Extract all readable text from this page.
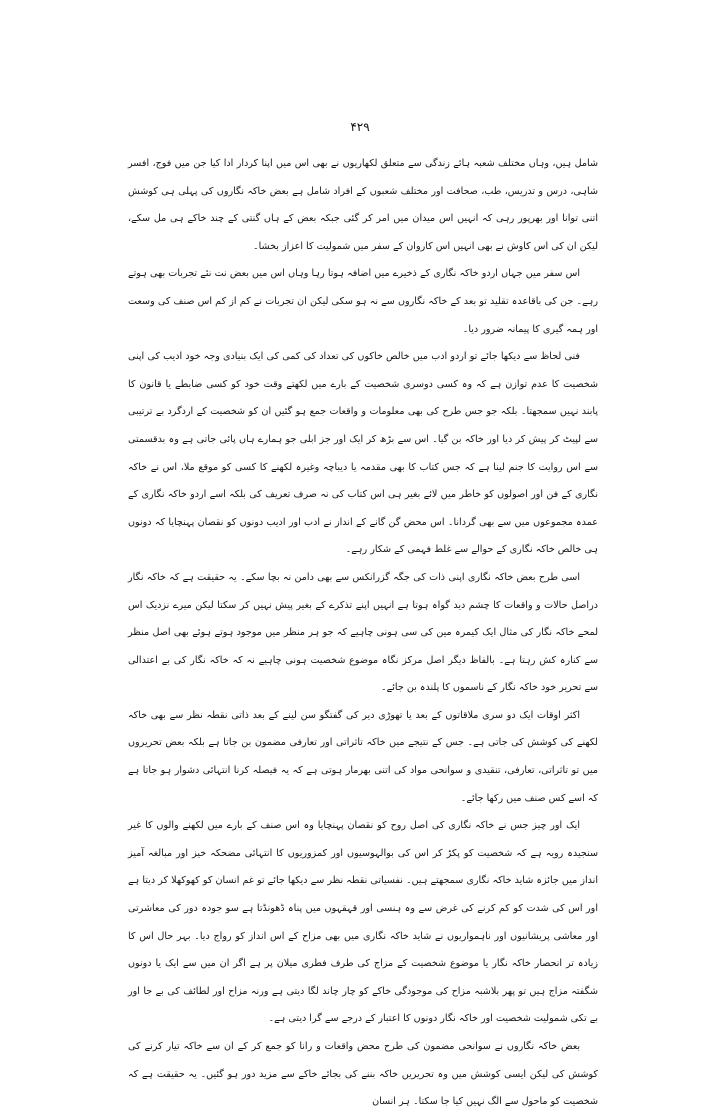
۴۲۹

شامل ہیں، وہاں مختلف شعبہ ہائے زندگی سے متعلق لکھاریوں نے بھی اس میں اپنا کردار ادا کیا جن میں فوج، افسر شاہی، درس و تدریس، طب، صحافت اور مختلف شعبوں کے افراد شامل ہے بعض خاکہ نگاروں کی پہلی ہی کوشش اتنی توانا اور بھرپور رہی کہ انہیں اس میدان میں امر کر گئی جبکہ بعض کے ہاں گنتی کے چند خاکے ہی مل سکے، لیکن ان کی اس کاوش نے بھی انہیں اس کاروان کے سفر میں شمولیت کا اعزاز بخشا۔

اس سفر میں جہاں اردو خاکہ نگاری کے ذخیرے میں اضافہ ہوتا رہا وہاں اس میں بعض نت نئے تجربات بھی ہوتے رہے۔ جن کی باقاعدہ تقلید تو بعد کے خاکہ نگاروں سے نہ ہو سکی لیکن ان تجربات نے کم از کم اس صنف کی وسعت اور ہمہ گیری کا پیمانہ ضرور دیا۔

فنی لحاظ سے دیکھا جائے تو اردو ادب میں خالص خاکوں کی تعداد کی کمی کی ایک بنیادی وجہ خود ادیب کی اپنی شخصیت کا عدم توازن ہے کہ وہ کسی دوسری شخصیت کے بارے میں لکھتے وقت خود کو کسی ضابطے یا قانون کا پابند نہیں سمجھتا۔ بلکہ جو جس طرح کی بھی معلومات و واقعات جمع ہو گئیں ان کو شخصیت کے اردگرد بے ترتیبی سے لپیٹ کر پیش کر دیا اور خاکہ بن گیا۔ اس سے بڑھ کر ایک اور جز ابلی جو ہمارے ہاں پائی جاتی ہے وہ بدقسمتی سے اس روایت کا جنم لینا ہے کہ جس کتاب کا بھی مقدمہ یا دیباچہ وغیرہ لکھنے کا کسی کو موقع ملا، اس نے خاکہ نگاری کے فن اور اصولوں کو خاطر میں لائے بغیر ہی اس کتاب کی نہ صرف تعریف کی بلکہ اسے اردو خاکہ نگاری کے عمدہ مجموعوں میں سے بھی گردانا۔ اس محض گن گانے کے انداز نے ادب اور ادیب دونوں کو نقصان پہنچایا کہ دونوں ہی خالص خاکہ نگاری کے حوالے سے غلط فہمی کے شکار رہے۔

اسی طرح بعض خاکہ نگاری اپنی ذات کی جگہ گزرانکس سے بھی دامن نہ بچا سکے۔ یہ حقیقت ہے کہ خاکہ نگار دراصل حالات و واقعات کا چشم دید گواہ ہوتا ہے انہیں اپنے تذکرے کے بغیر پیش نہیں کر سکتا لیکن میرے نزدیک اس لمحے خاکہ نگار کی مثال ایک کیمرہ مین کی سی ہونی چاہیے کہ جو ہر منظر میں موجود ہوتے ہوئے بھی اصل منظر سے کنارہ کش رہتا ہے۔ بالفاظ دیگر اصل مرکز نگاہ موضوع شخصیت ہونی چاہیے نہ کہ خاکہ نگار کی بے اعتدالی سے تحریر خود خاکہ نگار کے ناسموں کا پلندہ بن جائے۔

اکثر اوقات ایک دو سری ملاقاتوں کے بعد یا تھوڑی دیر کی گفتگو سن لینے کے بعد ذاتی نقطہ نظر سے بھی خاکہ لکھنے کی کوشش کی جاتی ہے۔ جس کے نتیجے میں خاکہ تاثراتی اور تعارفی مضمون بن جاتا ہے بلکہ بعض تحریروں میں تو تاثراتی، تعارفی، تنقیدی و سوانحی مواد کی اتنی بھرمار ہوتی ہے کہ یہ فیصلہ کرنا انتہائی دشوار ہو جاتا ہے کہ اسے کس صنف میں رکھا جائے۔

ایک اور چیز جس نے خاکہ نگاری کی اصل روح کو نقصان پہنچایا وہ اس صنف کے بارے میں لکھنے والوں کا غیر سنجیدہ رویہ ہے کہ شخصیت کو پکڑ کر اس کی بوالہوسیوں اور کمزوریوں کا انتہائی مضحکہ خیز اور مبالغہ آمیز انداز میں جائزہ شاید خاکہ نگاری سمجھتے ہیں۔ نفسیاتی نقطہ نظر سے دیکھا جائے تو غم انسان کو کھوکھلا کر دیتا ہے اور اس کی شدت کو کم کرنے کی غرض سے وہ ہنسی اور قہقہوں میں پناہ ڈھونڈتا ہے سو جودہ دور کی معاشرتی اور معاشی پریشانیوں اور ناہمواریوں نے شاید خاکہ نگاری میں بھی مزاح کے اس انداز کو رواج دیا۔ بہر حال اس کا زیادہ تر انحصار خاکہ نگار یا موضوع شخصیت کے مزاج کی طرف فطری میلان پر ہے اگر ان میں سے ایک یا دونوں شگفتہ مزاج ہیں تو پھر بلاشبہ مزاح کی موجودگی خاکے کو چار چاند لگا دیتی ہے ورنہ مزاح اور لطائف کی بے جا اور بے تکی شمولیت شخصیت اور خاکہ نگار دونوں کا اعتبار کے درجے سے گرا دیتی ہے۔

بعض خاکہ نگاروں نے سوانحی مضمون کی طرح محض واقعات و رانا کو جمع کر کے ان سے خاکہ تیار کرنے کی کوشش کی لیکن ایسی کوشش میں وہ تحریریں خاکہ بننے کی بجائے خاکے سے مزید دور ہو گئیں۔ یہ حقیقت ہے کہ شخصیت کو ماحول سے الگ نہیں کیا جا سکتا۔ ہر انسان
